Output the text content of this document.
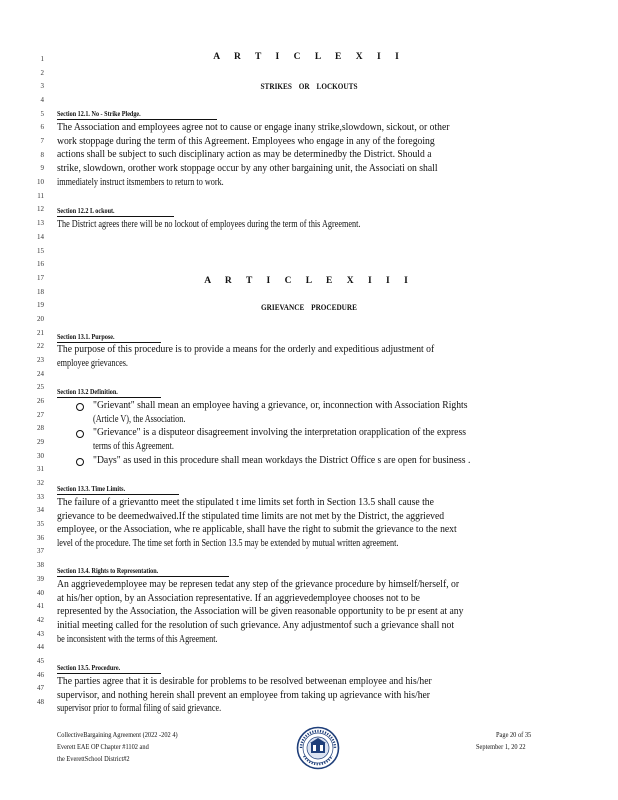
1
2
3
4
5
6
7
8
9
10
11
12
13
14
15
16
17
18
19
20
21
22
23
24
25
26
27
28
29
30
31
32
33
34
35
36
37
38
39
40
41
42
43
44
45
46
47
48
A R T I C L E X I I
STRIKES OR LOCKOUTS
Section 12.1. No - Strike Pledge.
The Association and employees agree not to cause or engage inany strike,slowdown, sickout, or other
work stoppage during the term of this Agreement. Employees who engage in any of the foregoing
actions shall be subject to such disciplinary action as may be determinedby the District. Should a
strike, slowdown, orother work stoppage occur by any other bargaining unit, the Associati on shall
immediately instruct itsmembers to return to work.
Section 12.2 L ockout.
The District agrees there will be no lockout of employees during the term of this Agreement.
A R T I C L E X I I I
GRIEVANCE PROCEDURE
Section 13.1. Purpose.
The purpose of this procedure is to provide a means for the orderly and expeditious adjustment of
employee grievances.
Section 13.2 Definition.
"Grievant" shall mean an employee having a grievance, or, inconnection with Association Rights
(Article V), the Association.
"Grievance" is a disputeor disagreement involving the interpretation orapplication of the express
terms of this Agreement.
"Days" as used in this procedure shall mean workdays the District Office s are open for business .
Section 13.3. Time Limits.
The failure of a grievantto meet the stipulated t ime limits set forth in Section 13.5 shall cause the
grievance to be deemedwaived.If the stipulated time limits are not met by the District, the aggrieved
employee, or the Association, whe re applicable, shall have the right to submit the grievance to the next
level of the procedure. The time set forth in Section 13.5 may be extended by mutual written agreement.
Section 13.4. Rights to Representation.
An aggrievedemployee may be represen tedat any step of the grievance procedure by himself/herself, or
at his/her option, by an Association representative. If an aggrievedemployee chooses not to be
represented by the Association, the Association will be given reasonable opportunity to be pr esent at any
initial meeting called for the resolution of such grievance. Any adjustmentof such a grievance shall not
be inconsistent with the terms of this Agreement.
Section 13.5. Procedure.
The parties agree that it is desirable for problems to be resolved betweenan employee and his/her
supervisor, and nothing herein shall prevent an employee from taking up agrievance with his/her
supervisor prior to formal filing of said grievance.
CollectiveBargaining Agreement (2022 -202 4)
Everett EAE OP Chapter #1102 and
the EverettSchool District#2
Page 20 of 35
September 1, 20 22
